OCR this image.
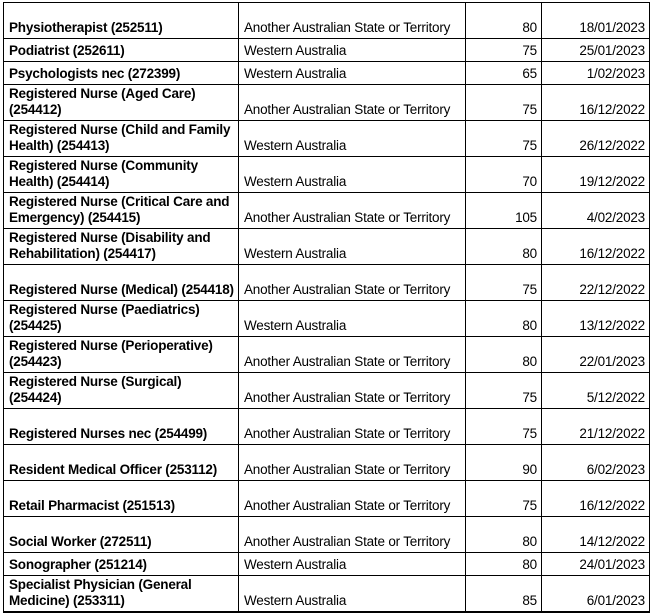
Physiotherapist (252511)	Another Australian State or Territory	80	18/01/2023
Podiatrist (252611)	Western Australia	75	25/01/2023
Psychologists nec (272399)	Western Australia	65	1/02/2023
Registered Nurse (Aged Care) (254412)	Another Australian State or Territory	75	16/12/2022
Registered Nurse (Child and Family Health) (254413)	Western Australia	75	26/12/2022
Registered Nurse (Community Health) (254414)	Western Australia	70	19/12/2022
Registered Nurse (Critical Care and Emergency) (254415)	Another Australian State or Territory	105	4/02/2023
Registered Nurse (Disability and Rehabilitation) (254417)	Western Australia	80	16/12/2022
Registered Nurse (Medical) (254418)	Another Australian State or Territory	75	22/12/2022
Registered Nurse (Paediatrics) (254425)	Western Australia	80	13/12/2022
Registered Nurse (Perioperative) (254423)	Another Australian State or Territory	80	22/01/2023
Registered Nurse (Surgical) (254424)	Another Australian State or Territory	75	5/12/2022
Registered Nurses nec (254499)	Another Australian State or Territory	75	21/12/2022
Resident Medical Officer (253112)	Another Australian State or Territory	90	6/02/2023
Retail Pharmacist (251513)	Another Australian State or Territory	75	16/12/2022
Social Worker (272511)	Another Australian State or Territory	80	14/12/2022
Sonographer (251214)	Western Australia	80	24/01/2023
Specialist Physician (General Medicine) (253311)	Western Australia	85	6/01/2023
